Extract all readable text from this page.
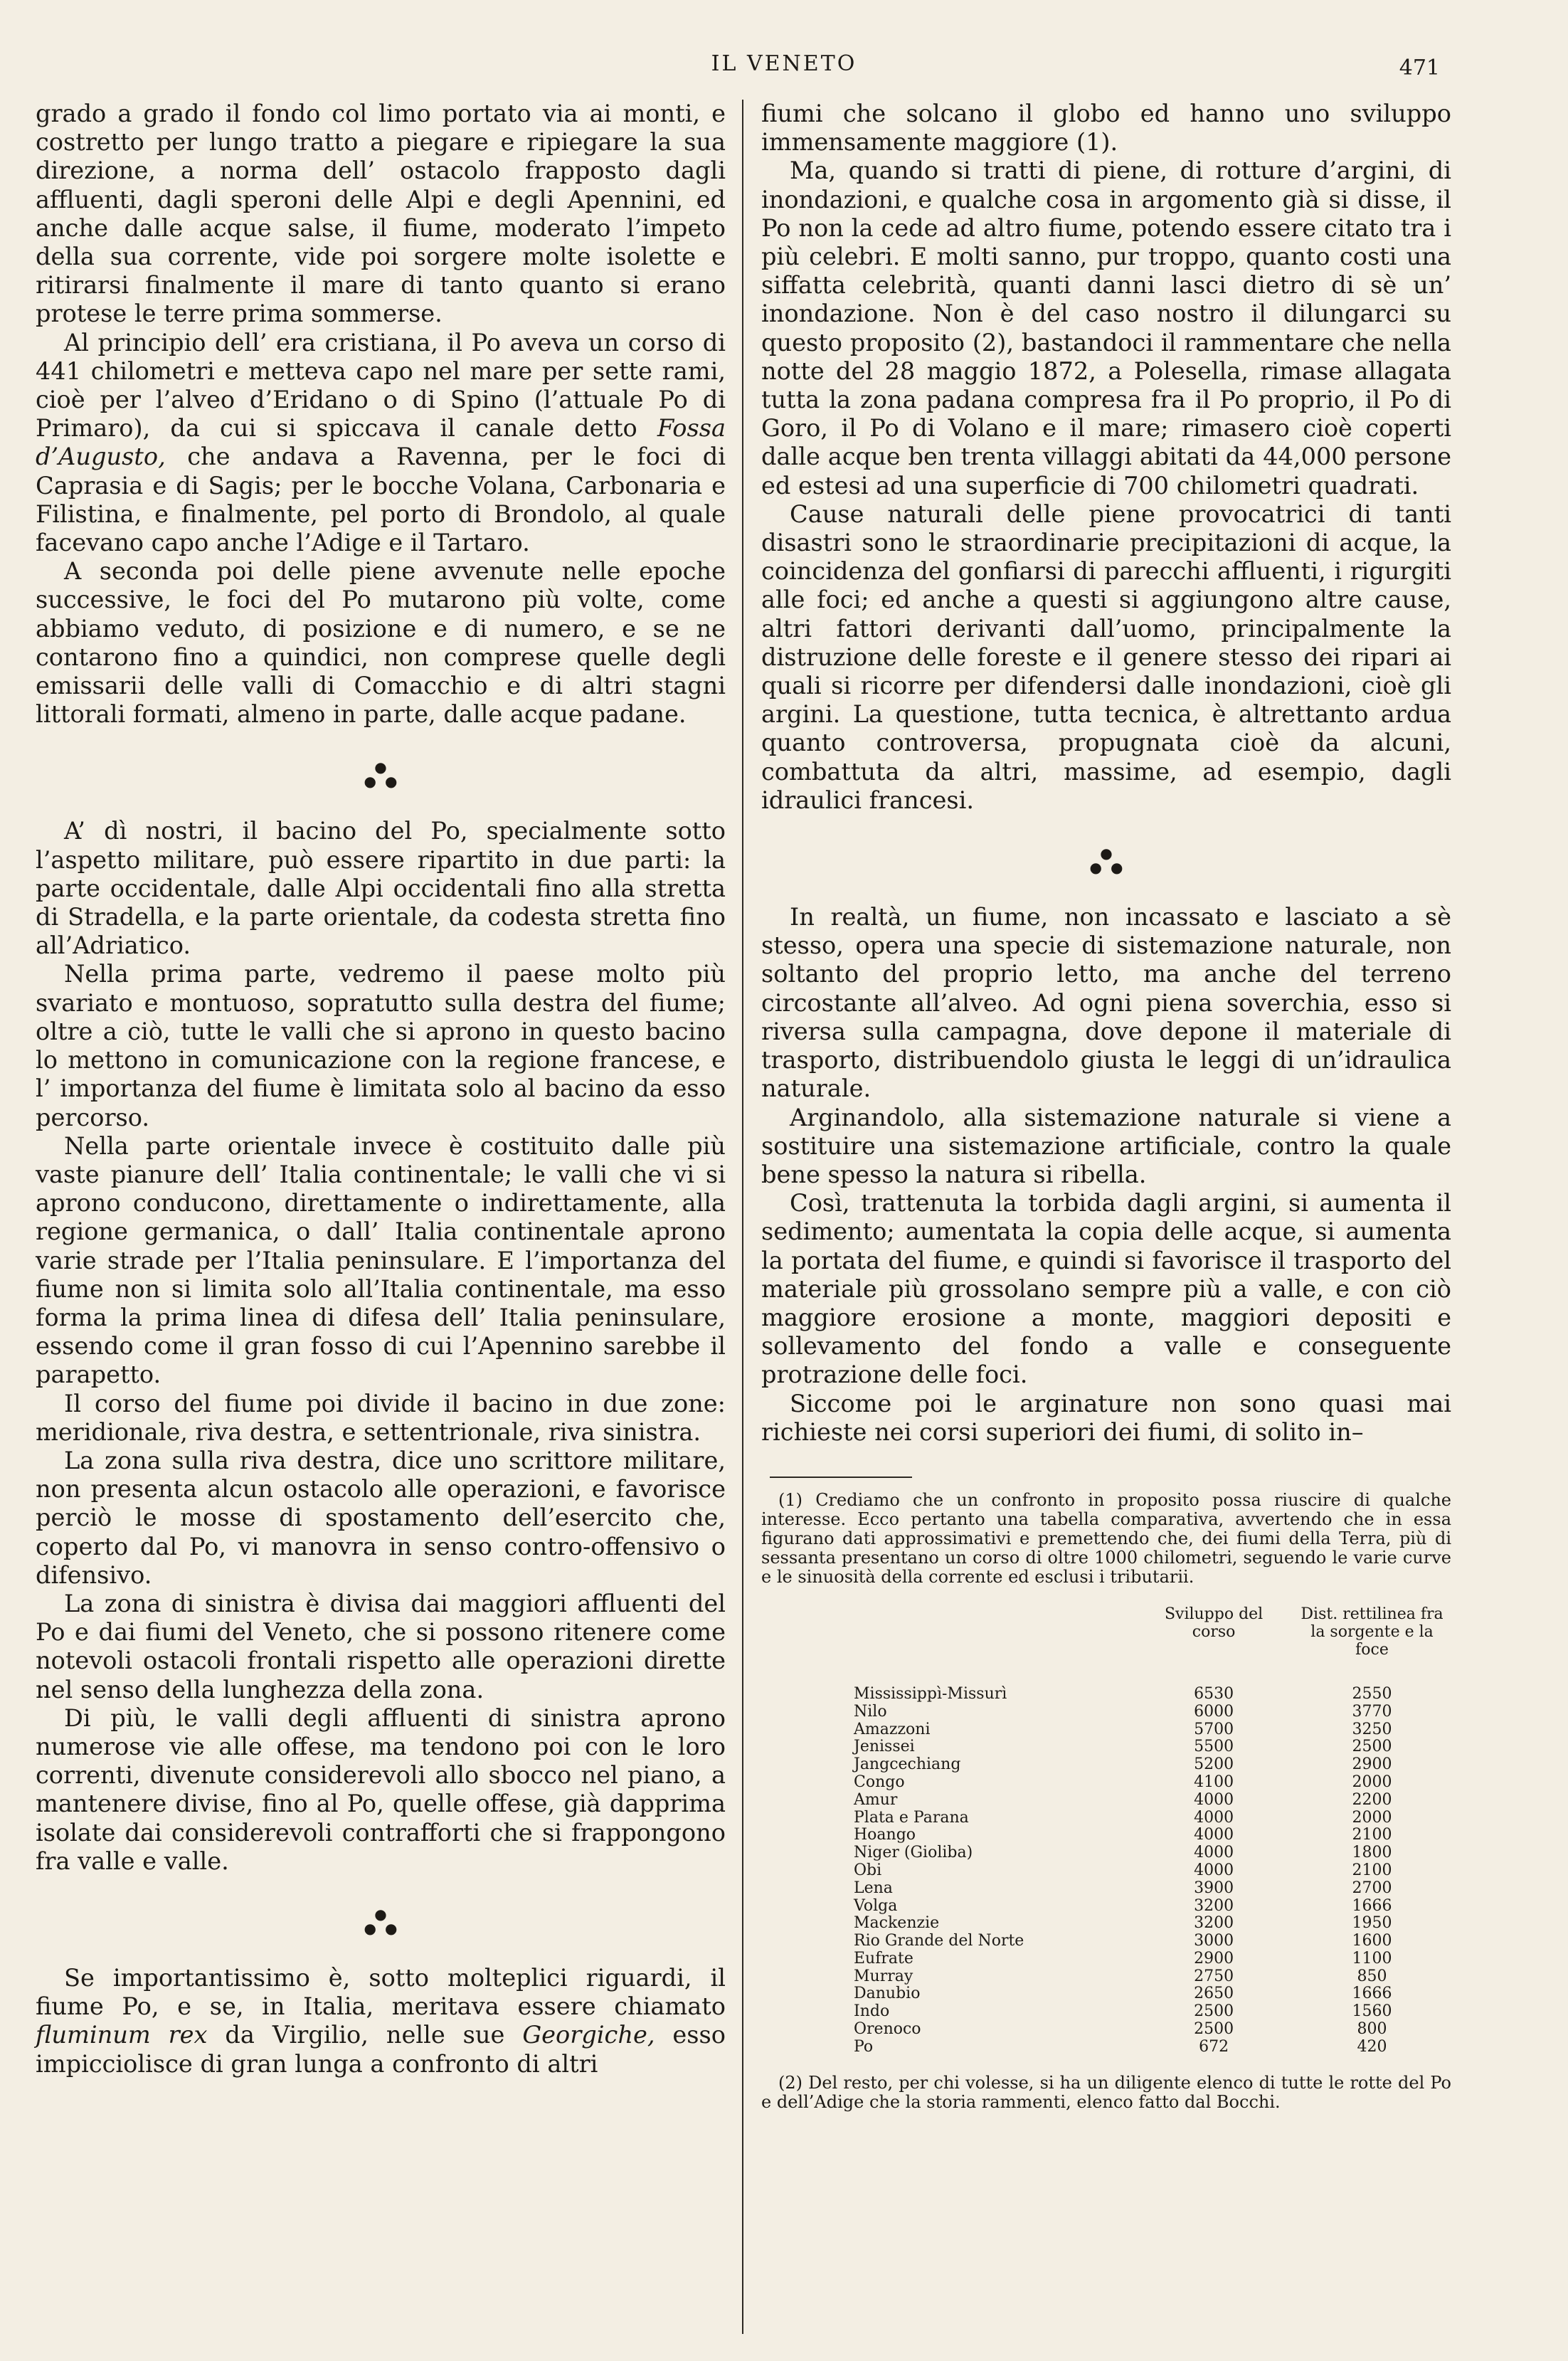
IL VENETO	471

grado a grado il fondo col limo portato via ai monti, e costretto per lungo tratto a piegare e ripiegare la sua direzione, a norma dell’ ostacolo frapposto dagli affluenti, dagli speroni delle Alpi e degli Apennini, ed anche dalle acque salse, il fiume, moderato l’impeto della sua corrente, vide poi sorgere molte isolette e ritirarsi finalmente il mare di tanto quanto si erano protese le terre prima sommerse.

Al principio dell’ era cristiana, il Po aveva un corso di 441 chilometri e metteva capo nel mare per sette rami, cioè per l’alveo d’Eridano o di Spino (l’attuale Po di Primaro), da cui si spiccava il canale detto Fossa d’Augusto, che andava a Ravenna, per le foci di Caprasia e di Sagis; per le bocche Volana, Carbonaria e Filistina, e finalmente, pel porto di Brondolo, al quale facevano capo anche l’Adige e il Tartaro.

A seconda poi delle piene avvenute nelle epoche successive, le foci del Po mutarono più volte, come abbiamo veduto, di posizione e di numero, e se ne contarono fino a quindici, non comprese quelle degli emissarii delle valli di Comacchio e di altri stagni littorali formati, almeno in parte, dalle acque padane.

●
●●

A’ dì nostri, il bacino del Po, specialmente sotto l’aspetto militare, può essere ripartito in due parti: la parte occidentale, dalle Alpi occidentali fino alla stretta di Stradella, e la parte orientale, da codesta stretta fino all’Adriatico.

Nella prima parte, vedremo il paese molto più svariato e montuoso, sopratutto sulla destra del fiume; oltre a ciò, tutte le valli che si aprono in questo bacino lo mettono in comunicazione con la regione francese, e l’ importanza del fiume è limitata solo al bacino da esso percorso.

Nella parte orientale invece è costituito dalle più vaste pianure dell’ Italia continentale; le valli che vi si aprono conducono, direttamente o indirettamente, alla regione germanica, o dall’ Italia continentale aprono varie strade per l’Italia peninsulare. E l’importanza del fiume non si limita solo all’Italia continentale, ma esso forma la prima linea di difesa dell’ Italia peninsulare, essendo come il gran fosso di cui l’Apennino sarebbe il parapetto.

Il corso del fiume poi divide il bacino in due zone: meridionale, riva destra, e settentrionale, riva sinistra.

La zona sulla riva destra, dice uno scrittore militare, non presenta alcun ostacolo alle operazioni, e favorisce perciò le mosse di spostamento dell’esercito che, coperto dal Po, vi manovra in senso contro-offensivo o difensivo.

La zona di sinistra è divisa dai maggiori affluenti del Po e dai fiumi del Veneto, che si possono ritenere come notevoli ostacoli frontali rispetto alle operazioni dirette nel senso della lunghezza della zona.

Di più, le valli degli affluenti di sinistra aprono numerose vie alle offese, ma tendono poi con le loro correnti, divenute considerevoli allo sbocco nel piano, a mantenere divise, fino al Po, quelle offese, già dapprima isolate dai considerevoli contrafforti che si frappongono fra valle e valle.

●
●●

Se importantissimo è, sotto molteplici riguardi, il fiume Po, e se, in Italia, meritava essere chiamato fluminum rex da Virgilio, nelle sue Georgiche, esso impicciolisce di gran lunga a confronto di altri

fiumi che solcano il globo ed hanno uno sviluppo immensamente maggiore (1).

Ma, quando si tratti di piene, di rotture d’argini, di inondazioni, e qualche cosa in argomento già si disse, il Po non la cede ad altro fiume, potendo essere citato tra i più celebri. E molti sanno, pur troppo, quanto costi una siffatta celebrità, quanti danni lasci dietro di sè un’ inondazione. Non è del caso nostro il dilungarci su questo proposito (2), bastandoci il rammentare che nella notte del 28 maggio 1872, a Polesella, rimase allagata tutta la zona padana compresa fra il Po proprio, il Po di Goro, il Po di Volano e il mare; rimasero cioè coperti dalle acque ben trenta villaggi abitati da 44,000 persone ed estesi ad una superficie di 700 chilometri quadrati.

Cause naturali delle piene provocatrici di tanti disastri sono le straordinarie precipitazioni di acque, la coincidenza del gonfiarsi di parecchi affluenti, i rigurgiti alle foci; ed anche a questi si aggiungono altre cause, altri fattori derivanti dall’uomo, principalmente la distruzione delle foreste e il genere stesso dei ripari ai quali si ricorre per difendersi dalle inondazioni, cioè gli argini. La questione, tutta tecnica, è altrettanto ardua quanto controversa, propugnata cioè da alcuni, combattuta da altri, massime, ad esempio, dagli idraulici francesi.

●
●●

In realtà, un fiume, non incassato e lasciato a sè stesso, opera una specie di sistemazione naturale, non soltanto del proprio letto, ma anche del terreno circostante all’alveo. Ad ogni piena soverchia, esso si riversa sulla campagna, dove depone il materiale di trasporto, distribuendolo giusta le leggi di un’idraulica naturale.

Arginandolo, alla sistemazione naturale si viene a sostituire una sistemazione artificiale, contro la quale bene spesso la natura si ribella.

Così, trattenuta la torbida dagli argini, si aumenta il sedimento; aumentata la copia delle acque, si aumenta la portata del fiume, e quindi si favorisce il trasporto del materiale più grossolano sempre più a valle, e con ciò maggiore erosione a monte, maggiori depositi e sollevamento del fondo a valle e conseguente protrazione delle foci.

Siccome poi le arginature non sono quasi mai richieste nei corsi superiori dei fiumi, di solito in–

(1) Crediamo che un confronto in proposito possa riuscire di qualche interesse. Ecco pertanto una tabella comparativa, avvertendo che in essa figurano dati approssimativi e premettendo che, dei fiumi della Terra, più di sessanta presentano un corso di oltre 1000 chilometri, seguendo le varie curve e le sinuosità della corrente ed esclusi i tributarii.

	Sviluppo del corso		Dist. rettilinea fra la sorgente e la foce
Mississippì-Missurì	6530		2550
Nilo	6000		3770
Amazzoni	5700		3250
Jenissei	5500		2500
Jangcechiang	5200		2900
Congo	4100		2000
Amur	4000		2200
Plata e Parana	4000		2000
Hoango	4000		2100
Niger (Gioliba)	4000		1800
Obi	4000		2100
Lena	3900		2700
Volga	3200		1666
Mackenzie	3200		1950
Rio Grande del Norte	3000		1600
Eufrate	2900		1100
Murray	2750		850
Danubio	2650		1666
Indo	2500		1560
Orenoco	2500		800
Po	672		420

(2) Del resto, per chi volesse, si ha un diligente elenco di tutte le rotte del Po e dell’Adige che la storia rammenti, elenco fatto dal Bocchi.
